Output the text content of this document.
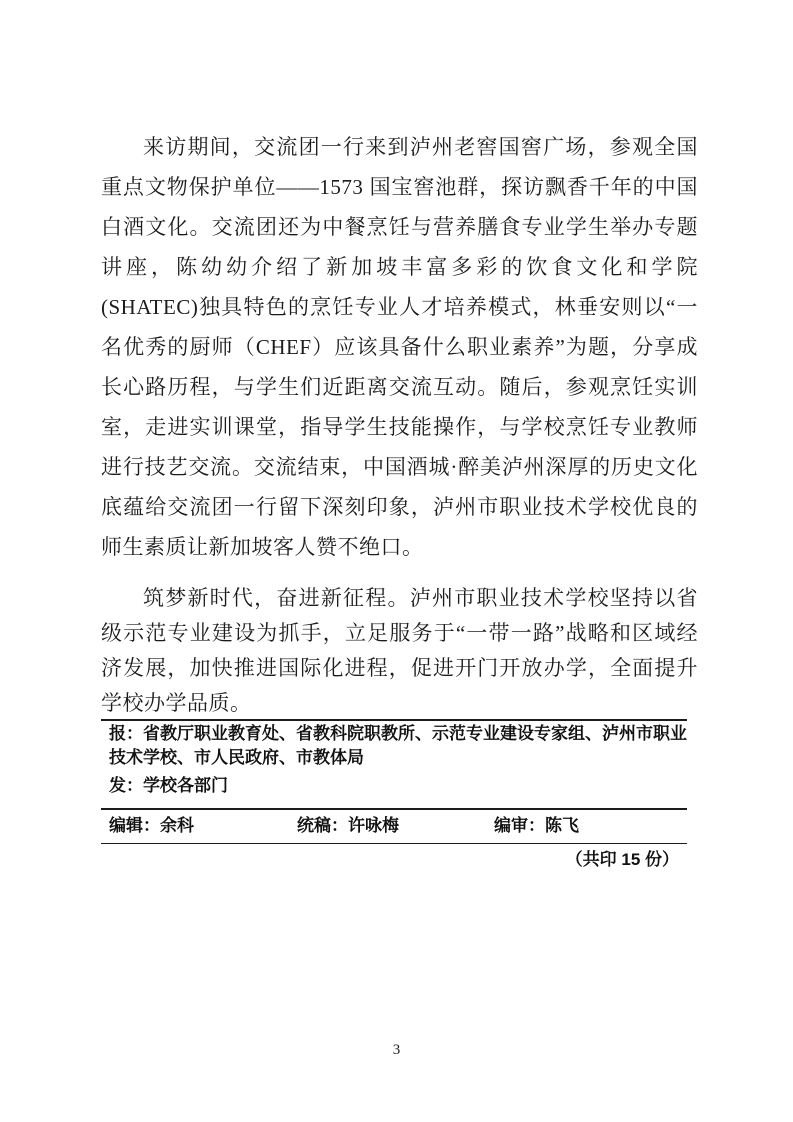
来访期间，交流团一行来到泸州老窖国窖广场，参观全国重点文物保护单位——1573 国宝窖池群，探访飘香千年的中国白酒文化。交流团还为中餐烹饪与营养膳食专业学生举办专题讲座，陈幼幼介绍了新加坡丰富多彩的饮食文化和学院(SHATEC)独具特色的烹饪专业人才培养模式，林垂安则以“一名优秀的厨师（CHEF）应该具备什么职业素养”为题，分享成长心路历程，与学生们近距离交流互动。随后，参观烹饪实训室，走进实训课堂，指导学生技能操作，与学校烹饪专业教师进行技艺交流。交流结束，中国酒城·醉美泸州深厚的历史文化底蕴给交流团一行留下深刻印象，泸州市职业技术学校优良的师生素质让新加坡客人赞不绝口。

筑梦新时代，奋进新征程。泸州市职业技术学校坚持以省级示范专业建设为抓手，立足服务于“一带一路”战略和区域经济发展，加快推进国际化进程，促进开门开放办学，全面提升学校办学品质。

报：省教厅职业教育处、省教科院职教所、示范专业建设专家组、泸州市职业技术学校、市人民政府、市教体局

发：学校各部门

编辑：余科	统稿：许咏梅	编审：陈飞
（共印 15 份）
3
